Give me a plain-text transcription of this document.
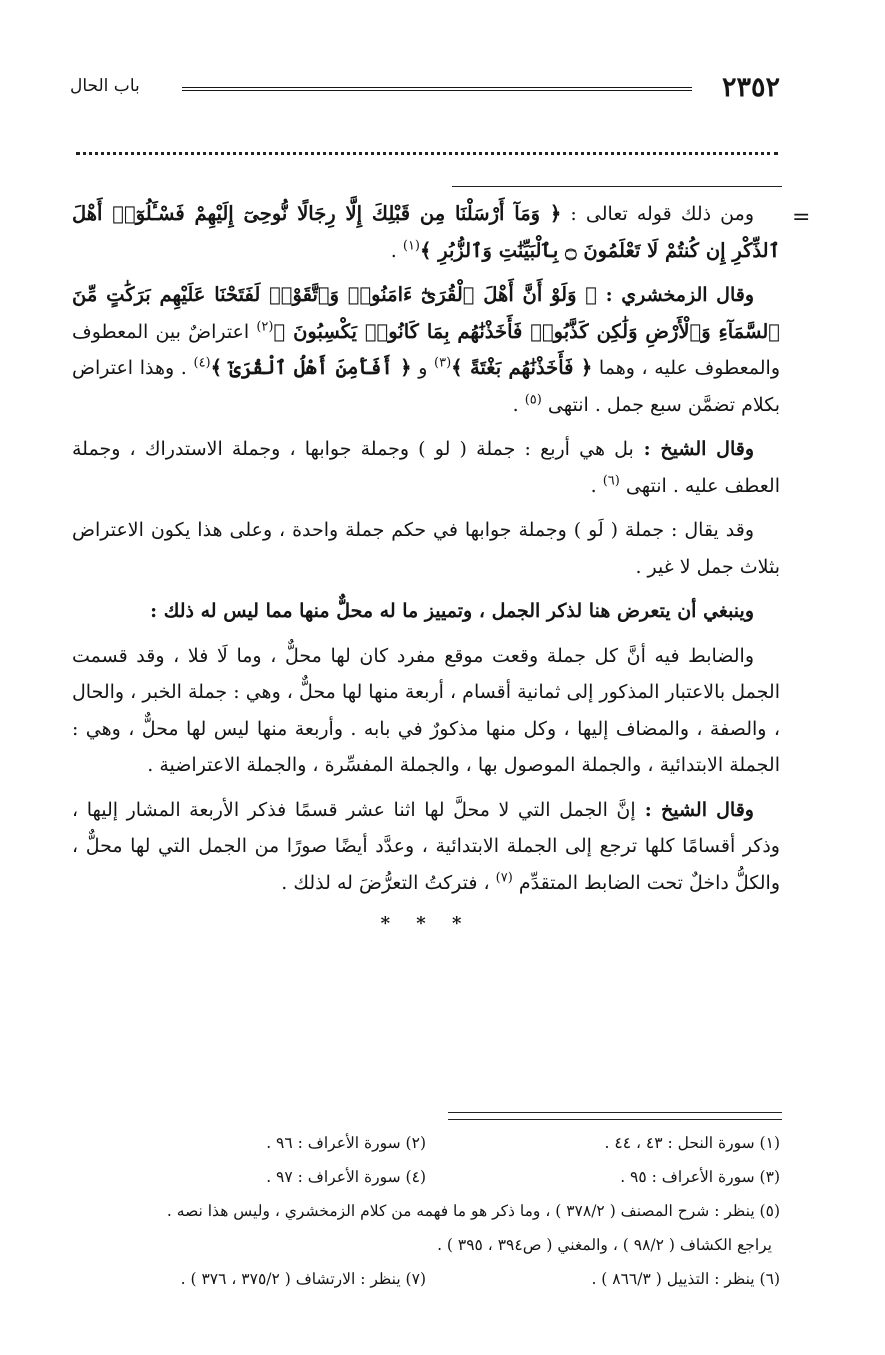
٢٣٥٢
باب الحال
=

ومن ذلك قوله تعالى : ﴿ وَمَآ أَرْسَلْنَا مِن قَبْلِكَ إِلَّا رِجَالًا نُّوحِىٓ إِلَيْهِمْ فَسْـَٔلُوٓا۟ أَهْلَ ٱلذِّكْرِ إِن كُنتُمْ لَا تَعْلَمُونَ ۝ بِٱلْبَيِّنَٰتِ وَٱلزُّبُرِ ﴾$^{(١)}$ .

وقال الزمخشري : ﴿ وَلَوْ أَنَّ أَهْلَ ٱلْقُرَىٰٓ ءَامَنُوا۟ وَٱتَّقَوْا۟ لَفَتَحْنَا عَلَيْهِم بَرَكَٰتٍ مِّنَ ٱلسَّمَآءِ وَٱلْأَرْضِ وَلَٰكِن كَذَّبُوا۟ فَأَخَذْنَٰهُم بِمَا كَانُوا۟ يَكْسِبُونَ ﴾$^{(٢)}$ اعتراضٌ بين المعطوف والمعطوف عليه ، وهما ﴿ فَأَخَذْنَٰهُم بَغْتَةً ﴾$^{(٣)}$ و ﴿ أَفَأَمِنَ أَهْلُ ٱلْقُرَىٰٓ ﴾$^{(٤)}$ . وهذا اعتراض بكلام تضمَّن سبع جمل . انتهى $^{(٥)}$ .

وقال الشيخ : بل هي أربع : جملة ( لو ) وجملة جوابها ، وجملة الاستدراك ، وجملة العطف عليه . انتهى $^{(٦)}$ .

وقد يقال : جملة ( لَو ) وجملة جوابها في حكم جملة واحدة ، وعلى هذا يكون الاعتراض بثلاث جمل لا غير .

وينبغي أن يتعرض هنا لذكر الجمل ، وتمييز ما له محلٌّ منها مما ليس له ذلك :

والضابط فيه أنَّ كل جملة وقعت موقع مفرد كان لها محلٌّ ، وما لَا فلا ، وقد قسمت الجمل بالاعتبار المذكور إلى ثمانية أقسام ، أربعة منها لها محلٌّ ، وهي : جملة الخبر ، والحال ، والصفة ، والمضاف إليها ، وكل منها مذكورٌ في بابه . وأربعة منها ليس لها محلٌّ ، وهي : الجملة الابتدائية ، والجملة الموصول بها ، والجملة المفسِّرة ، والجملة الاعتراضية .

وقال الشيخ : إنَّ الجمل التي لا محلَّ لها اثنا عشر قسمًا فذكر الأربعة المشار إليها ، وذكر أقسامًا كلها ترجع إلى الجملة الابتدائية ، وعدَّد أيضًا صورًا من الجمل التي لها محلٌّ ، والكلُّ داخلٌ تحت الضابط المتقدِّم $^{(٧)}$ ، فتركتُ التعرُّضَ له لذلك .

* * *
(١) سورة النحل : ٤٣ ، ٤٤ .
(٢) سورة الأعراف : ٩٦ .
(٣) سورة الأعراف : ٩٥ .
(٤) سورة الأعراف : ٩٧ .
(٥) ينظر : شرح المصنف ( ٣٧٨/٢ ) ، وما ذكر هو ما فهمه من كلام الزمخشري ، وليس هذا نصه .
يراجع الكشاف ( ٩٨/٢ ) ، والمغني ( ص٣٩٤ ، ٣٩٥ ) .
(٦) ينظر : التذييل ( ٨٦٦/٣ ) .
(٧) ينظر : الارتشاف ( ٣٧٥/٢ ، ٣٧٦ ) .
